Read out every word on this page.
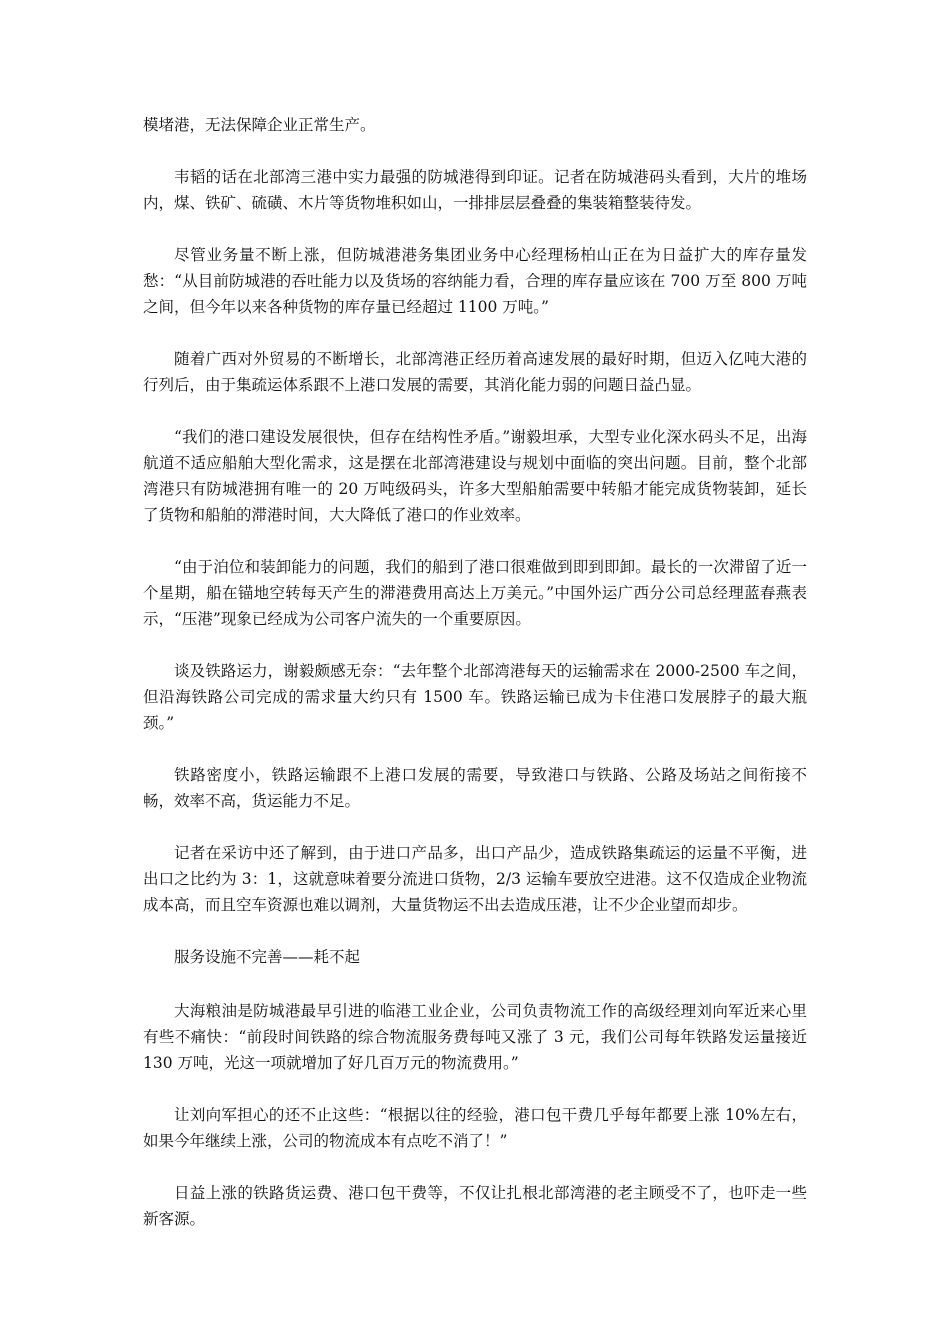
模堵港，无法保障企业正常生产。

韦韬的话在北部湾三港中实力最强的防城港得到印证。记者在防城港码头看到，大片的堆场内，煤、铁矿、硫磺、木片等货物堆积如山，一排排层层叠叠的集装箱整装待发。

尽管业务量不断上涨，但防城港港务集团业务中心经理杨柏山正在为日益扩大的库存量发愁：“从目前防城港的吞吐能力以及货场的容纳能力看，合理的库存量应该在 700 万至 800 万吨之间，但今年以来各种货物的库存量已经超过 1100 万吨。”

随着广西对外贸易的不断增长，北部湾港正经历着高速发展的最好时期，但迈入亿吨大港的行列后，由于集疏运体系跟不上港口发展的需要，其消化能力弱的问题日益凸显。

“我们的港口建设发展很快，但存在结构性矛盾。”谢毅坦承，大型专业化深水码头不足，出海航道不适应船舶大型化需求，这是摆在北部湾港建设与规划中面临的突出问题。目前，整个北部湾港只有防城港拥有唯一的 20 万吨级码头，许多大型船舶需要中转船才能完成货物装卸，延长了货物和船舶的滞港时间，大大降低了港口的作业效率。

“由于泊位和装卸能力的问题，我们的船到了港口很难做到即到即卸。最长的一次滞留了近一个星期，船在锚地空转每天产生的滞港费用高达上万美元。”中国外运广西分公司总经理蓝春燕表示，“压港”现象已经成为公司客户流失的一个重要原因。

谈及铁路运力，谢毅颇感无奈：“去年整个北部湾港每天的运输需求在 2000-2500 车之间，但沿海铁路公司完成的需求量大约只有 1500 车。铁路运输已成为卡住港口发展脖子的最大瓶颈。”

铁路密度小，铁路运输跟不上港口发展的需要，导致港口与铁路、公路及场站之间衔接不畅，效率不高，货运能力不足。

记者在采访中还了解到，由于进口产品多，出口产品少，造成铁路集疏运的运量不平衡，进出口之比约为 3：1，这就意味着要分流进口货物，2/3 运输车要放空进港。这不仅造成企业物流成本高，而且空车资源也难以调剂，大量货物运不出去造成压港，让不少企业望而却步。

服务设施不完善——耗不起

大海粮油是防城港最早引进的临港工业企业，公司负责物流工作的高级经理刘向军近来心里有些不痛快：“前段时间铁路的综合物流服务费每吨又涨了 3 元，我们公司每年铁路发运量接近 130 万吨，光这一项就增加了好几百万元的物流费用。”

让刘向军担心的还不止这些：“根据以往的经验，港口包干费几乎每年都要上涨 10%左右，如果今年继续上涨，公司的物流成本有点吃不消了！”

日益上涨的铁路货运费、港口包干费等，不仅让扎根北部湾港的老主顾受不了，也吓走一些新客源。
